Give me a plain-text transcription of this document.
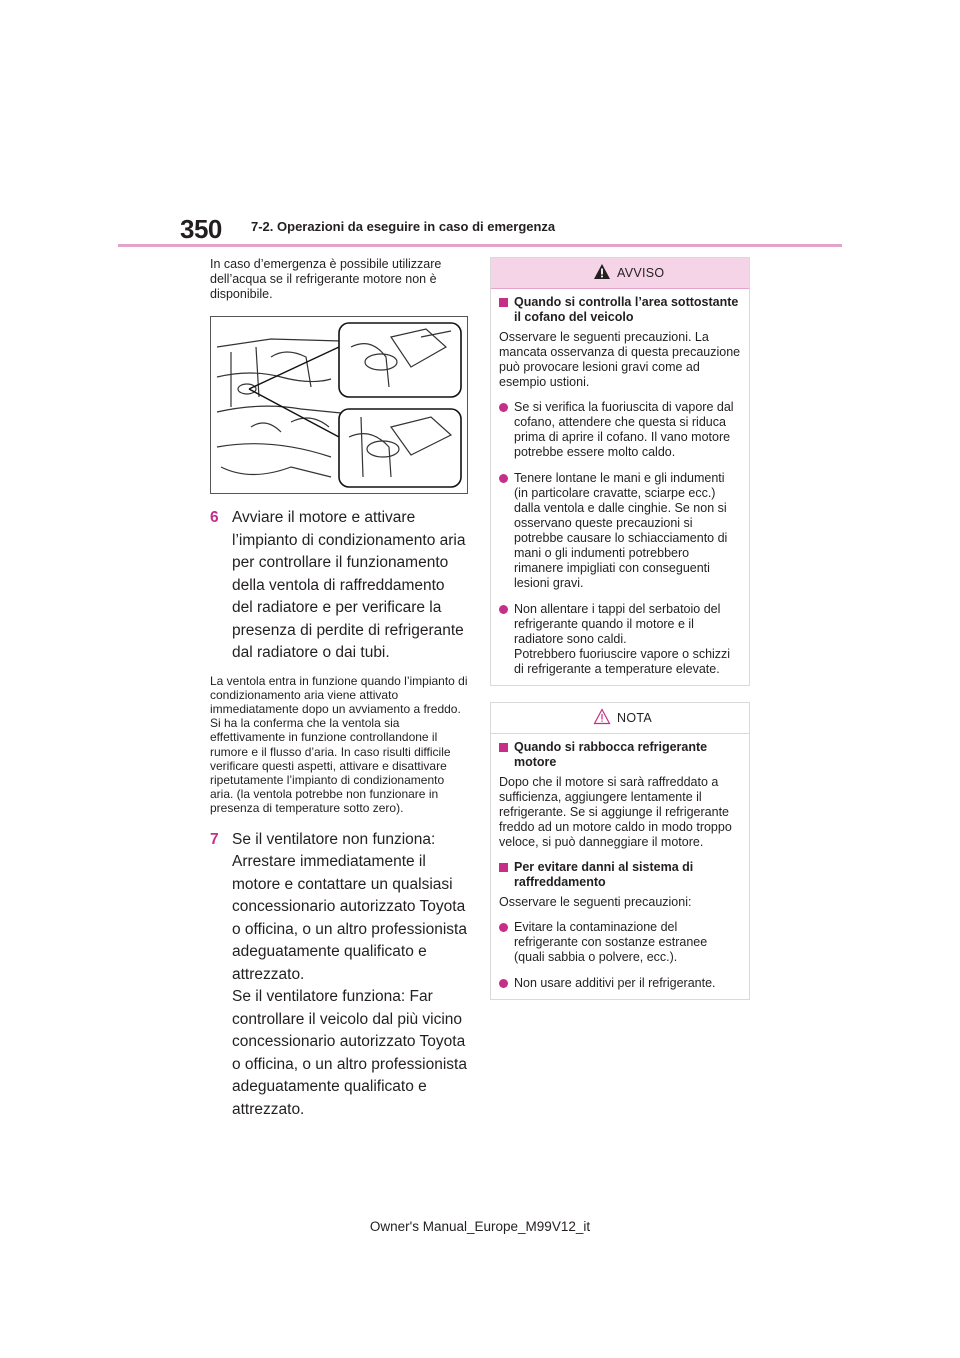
350 7-2. Operazioni da eseguire in caso di emergenza

In caso d’emergenza è possibile utilizzare dell’acqua se il refrigerante motore non è disponibile.

6 Avviare il motore e attivare l’impianto di condizionamento aria per controllare il funzionamento della ventola di raffreddamento del radiatore e per verificare la presenza di perdite di refrigerante dal radiatore o dai tubi.

La ventola entra in funzione quando l’impianto di condizionamento aria viene attivato immediatamente dopo un avviamento a freddo. Si ha la conferma che la ventola sia effettivamente in funzione controllandone il rumore e il flusso d’aria. In caso risulti difficile verificare questi aspetti, attivare e disattivare ripetutamente l’impianto di condizionamento aria. (la ventola potrebbe non funzionare in presenza di temperature sotto zero).

7 Se il ventilatore non funziona: Arrestare immediatamente il motore e contattare un qualsiasi concessionario autorizzato Toyota o officina, o un altro professionista adeguatamente qualificato e attrezzato.

Se il ventilatore funziona: Far controllare il veicolo dal più vicino concessionario autorizzato Toyota o officina, o un altro professionista adeguatamente qualificato e attrezzato.

AVVISO

Quando si controlla l’area sottostante il cofano del veicolo

Osservare le seguenti precauzioni. La mancata osservanza di questa precauzione può provocare lesioni gravi come ad esempio ustioni.

Se si verifica la fuoriuscita di vapore dal cofano, attendere che questa si riduca prima di aprire il cofano. Il vano motore potrebbe essere molto caldo.
Tenere lontane le mani e gli indumenti (in particolare cravatte, sciarpe ecc.) dalla ventola e dalle cinghie. Se non si osservano queste precauzioni si potrebbe causare lo schiacciamento di mani o gli indumenti potrebbero rimanere impigliati con conseguenti lesioni gravi.
Non allentare i tappi del serbatoio del refrigerante quando il motore e il radiatore sono caldi.
Potrebbero fuoriuscire vapore o schizzi di refrigerante a temperature elevate.
NOTA

Quando si rabbocca refrigerante motore

Dopo che il motore si sarà raffreddato a sufficienza, aggiungere lentamente il refrigerante. Se si aggiunge il refrigerante freddo ad un motore caldo in modo troppo veloce, si può danneggiare il motore.

Per evitare danni al sistema di raffreddamento

Osservare le seguenti precauzioni:

Evitare la contaminazione del refrigerante con sostanze estranee (quali sabbia o polvere, ecc.).
Non usare additivi per il refrigerante.
Owner's Manual_Europe_M99V12_it
